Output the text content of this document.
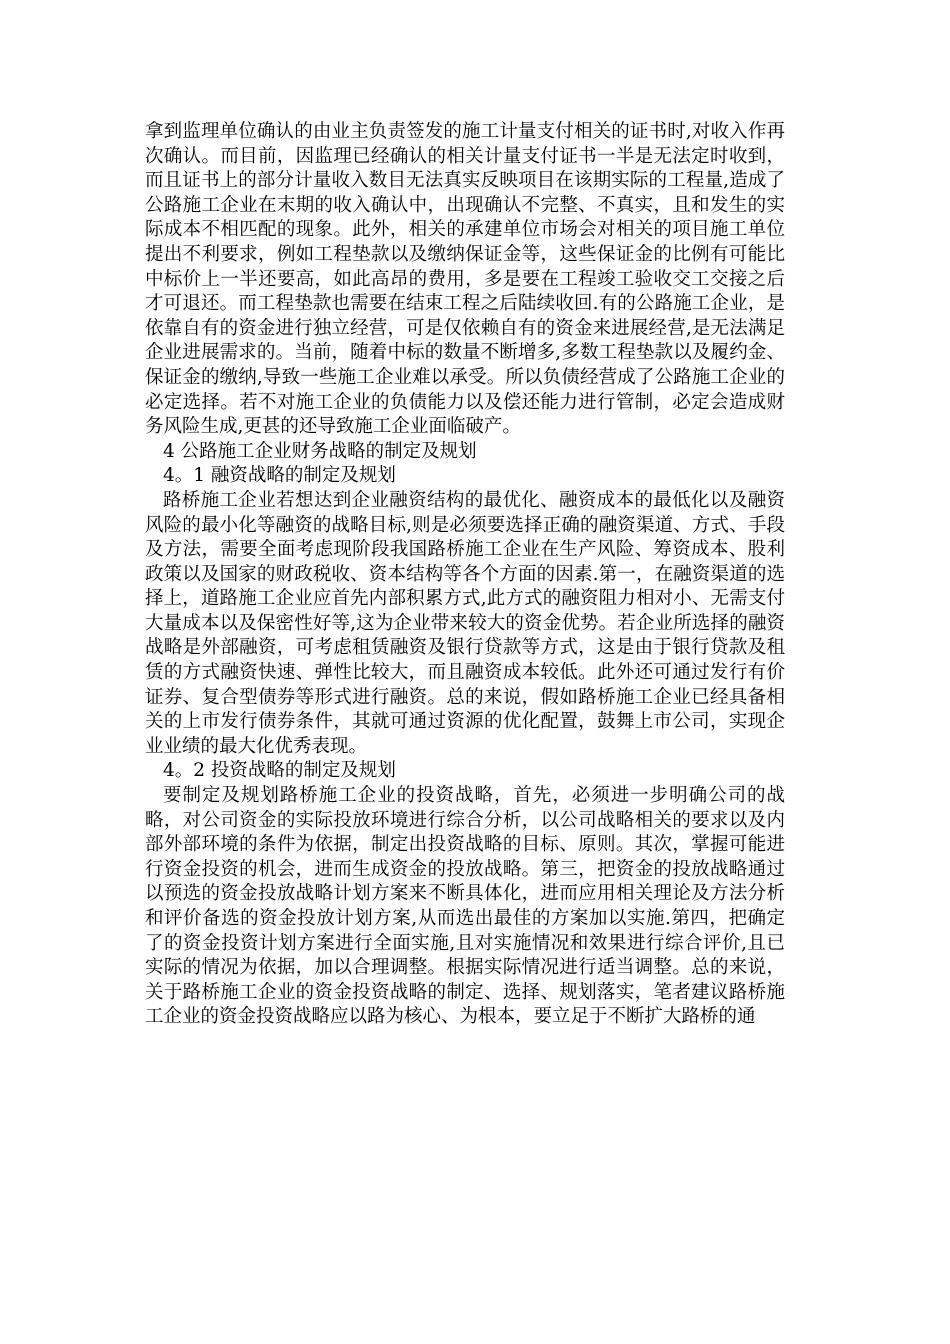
拿到监理单位确认的由业主负责签发的施工计量支付相关的证书时,对收入作再次确认。而目前，因监理已经确认的相关计量支付证书一半是无法定时收到，而且证书上的部分计量收入数目无法真实反映项目在该期实际的工程量,造成了公路施工企业在末期的收入确认中，出现确认不完整、不真实，且和发生的实际成本不相匹配的现象。此外，相关的承建单位市场会对相关的项目施工单位提出不利要求，例如工程垫款以及缴纳保证金等，这些保证金的比例有可能比中标价上一半还要高，如此高昂的费用，多是要在工程竣工验收交工交接之后才可退还。而工程垫款也需要在结束工程之后陆续收回.有的公路施工企业，是依靠自有的资金进行独立经营，可是仅依赖自有的资金来进展经营,是无法满足企业进展需求的。当前，随着中标的数量不断增多,多数工程垫款以及履约金、保证金的缴纳,导致一些施工企业难以承受。所以负债经营成了公路施工企业的必定选择。若不对施工企业的负债能力以及偿还能力进行管制，必定会造成财务风险生成,更甚的还导致施工企业面临破产。

4 公路施工企业财务战略的制定及规划

4。1 融资战略的制定及规划

路桥施工企业若想达到企业融资结构的最优化、融资成本的最低化以及融资风险的最小化等融资的战略目标,则是必须要选择正确的融资渠道、方式、手段及方法，需要全面考虑现阶段我国路桥施工企业在生产风险、筹资成本、股利政策以及国家的财政税收、资本结构等各个方面的因素.第一，在融资渠道的选择上，道路施工企业应首先内部积累方式,此方式的融资阻力相对小、无需支付大量成本以及保密性好等,这为企业带来较大的资金优势。若企业所选择的融资战略是外部融资，可考虑租赁融资及银行贷款等方式，这是由于银行贷款及租赁的方式融资快速、弹性比较大，而且融资成本较低。此外还可通过发行有价证券、复合型债券等形式进行融资。总的来说，假如路桥施工企业已经具备相关的上市发行债券条件，其就可通过资源的优化配置，鼓舞上市公司，实现企业业绩的最大化优秀表现。

4。2 投资战略的制定及规划

要制定及规划路桥施工企业的投资战略，首先，必须进一步明确公司的战略，对公司资金的实际投放环境进行综合分析，以公司战略相关的要求以及内部外部环境的条件为依据，制定出投资战略的目标、原则。其次，掌握可能进行资金投资的机会，进而生成资金的投放战略。第三，把资金的投放战略通过以预选的资金投放战略计划方案来不断具体化，进而应用相关理论及方法分析和评价备选的资金投放计划方案,从而选出最佳的方案加以实施.第四，把确定了的资金投资计划方案进行全面实施,且对实施情况和效果进行综合评价,且已实际的情况为依据，加以合理调整。根据实际情况进行适当调整。总的来说，关于路桥施工企业的资金投资战略的制定、选择、规划落实，笔者建议路桥施工企业的资金投资战略应以路为核心、为根本，要立足于不断扩大路桥的通
